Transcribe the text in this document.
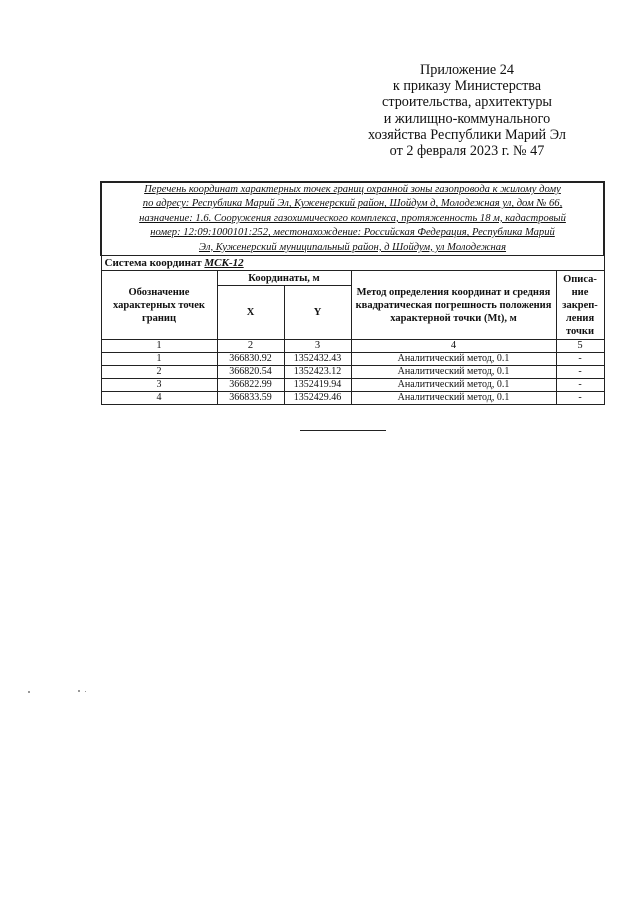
Приложение 24
к приказу Министерства
строительства, архитектуры
и жилищно-коммунального
хозяйства Республики Марий Эл
от 2 февраля 2023 г. № 47
Перечень координат характерных точек границ охранной зоны газопровода к жилому дому
по адресу: Республика Марий Эл, Куженерский район, Шойдум д, Молодежная ул, дом № 66,
назначение: 1.6. Сооружения газохимического комплекса, протяженность 18 м, кадастровый
номер: 12:09:1000101:252, местонахождение: Российская Федерация, Республика Марий
Эл, Куженерский муниципальный район, д Шойдум, ул Молодежная				

Система координат МСК-12				
Обозначение характерных точек границ	Координаты, м		Метод определения координат и средняя квадратическая погрешность положения характерной точки (Mt), м	Описа-ние закреп-ления точки
	X	Y		
1	2	3	4	5
1	366830.92	1352432.43	Аналитический метод, 0.1	-
2	366820.54	1352423.12	Аналитический метод, 0.1	-
3	366822.99	1352419.94	Аналитический метод, 0.1	-
4	366833.59	1352429.46	Аналитический метод, 0.1	-
